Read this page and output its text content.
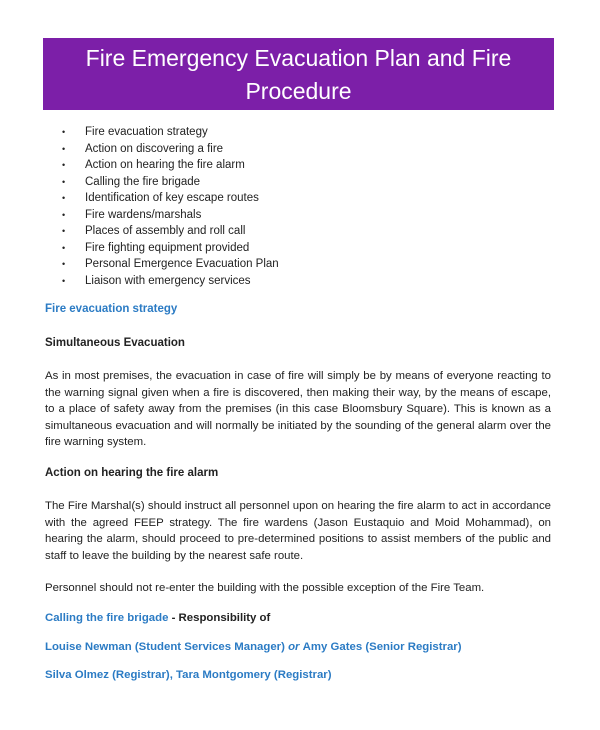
Fire Emergency Evacuation Plan and Fire
Procedure
• Fire evacuation strategy
• Action on discovering a fire
• Action on hearing the fire alarm
• Calling the fire brigade
• Identification of key escape routes
• Fire wardens/marshals
• Places of assembly and roll call
• Fire fighting equipment provided
• Personal Emergence Evacuation Plan
• Liaison with emergency services
Fire evacuation strategy
Simultaneous Evacuation

As in most premises, the evacuation in case of fire will simply be by means of everyone reacting to the warning signal given when a fire is discovered, then making their way, by the means of escape, to a place of safety away from the premises (in this case Bloomsbury Square). This is known as a simultaneous evacuation and will normally be initiated by the sounding of the general alarm over the fire warning system.

Action on hearing the fire alarm

The Fire Marshal(s) should instruct all personnel upon on hearing the fire alarm to act in accordance with the agreed FEEP strategy. The fire wardens (Jason Eustaquio and Moid Mohammad), on hearing the alarm, should proceed to pre-determined positions to assist members of the public and staff to leave the building by the nearest safe route.

Personnel should not re-enter the building with the possible exception of the Fire Team.

Calling the fire brigade - Responsibility of
Louise Newman (Student Services Manager) or Amy Gates (Senior Registrar)
Silva Olmez (Registrar), Tara Montgomery (Registrar)
